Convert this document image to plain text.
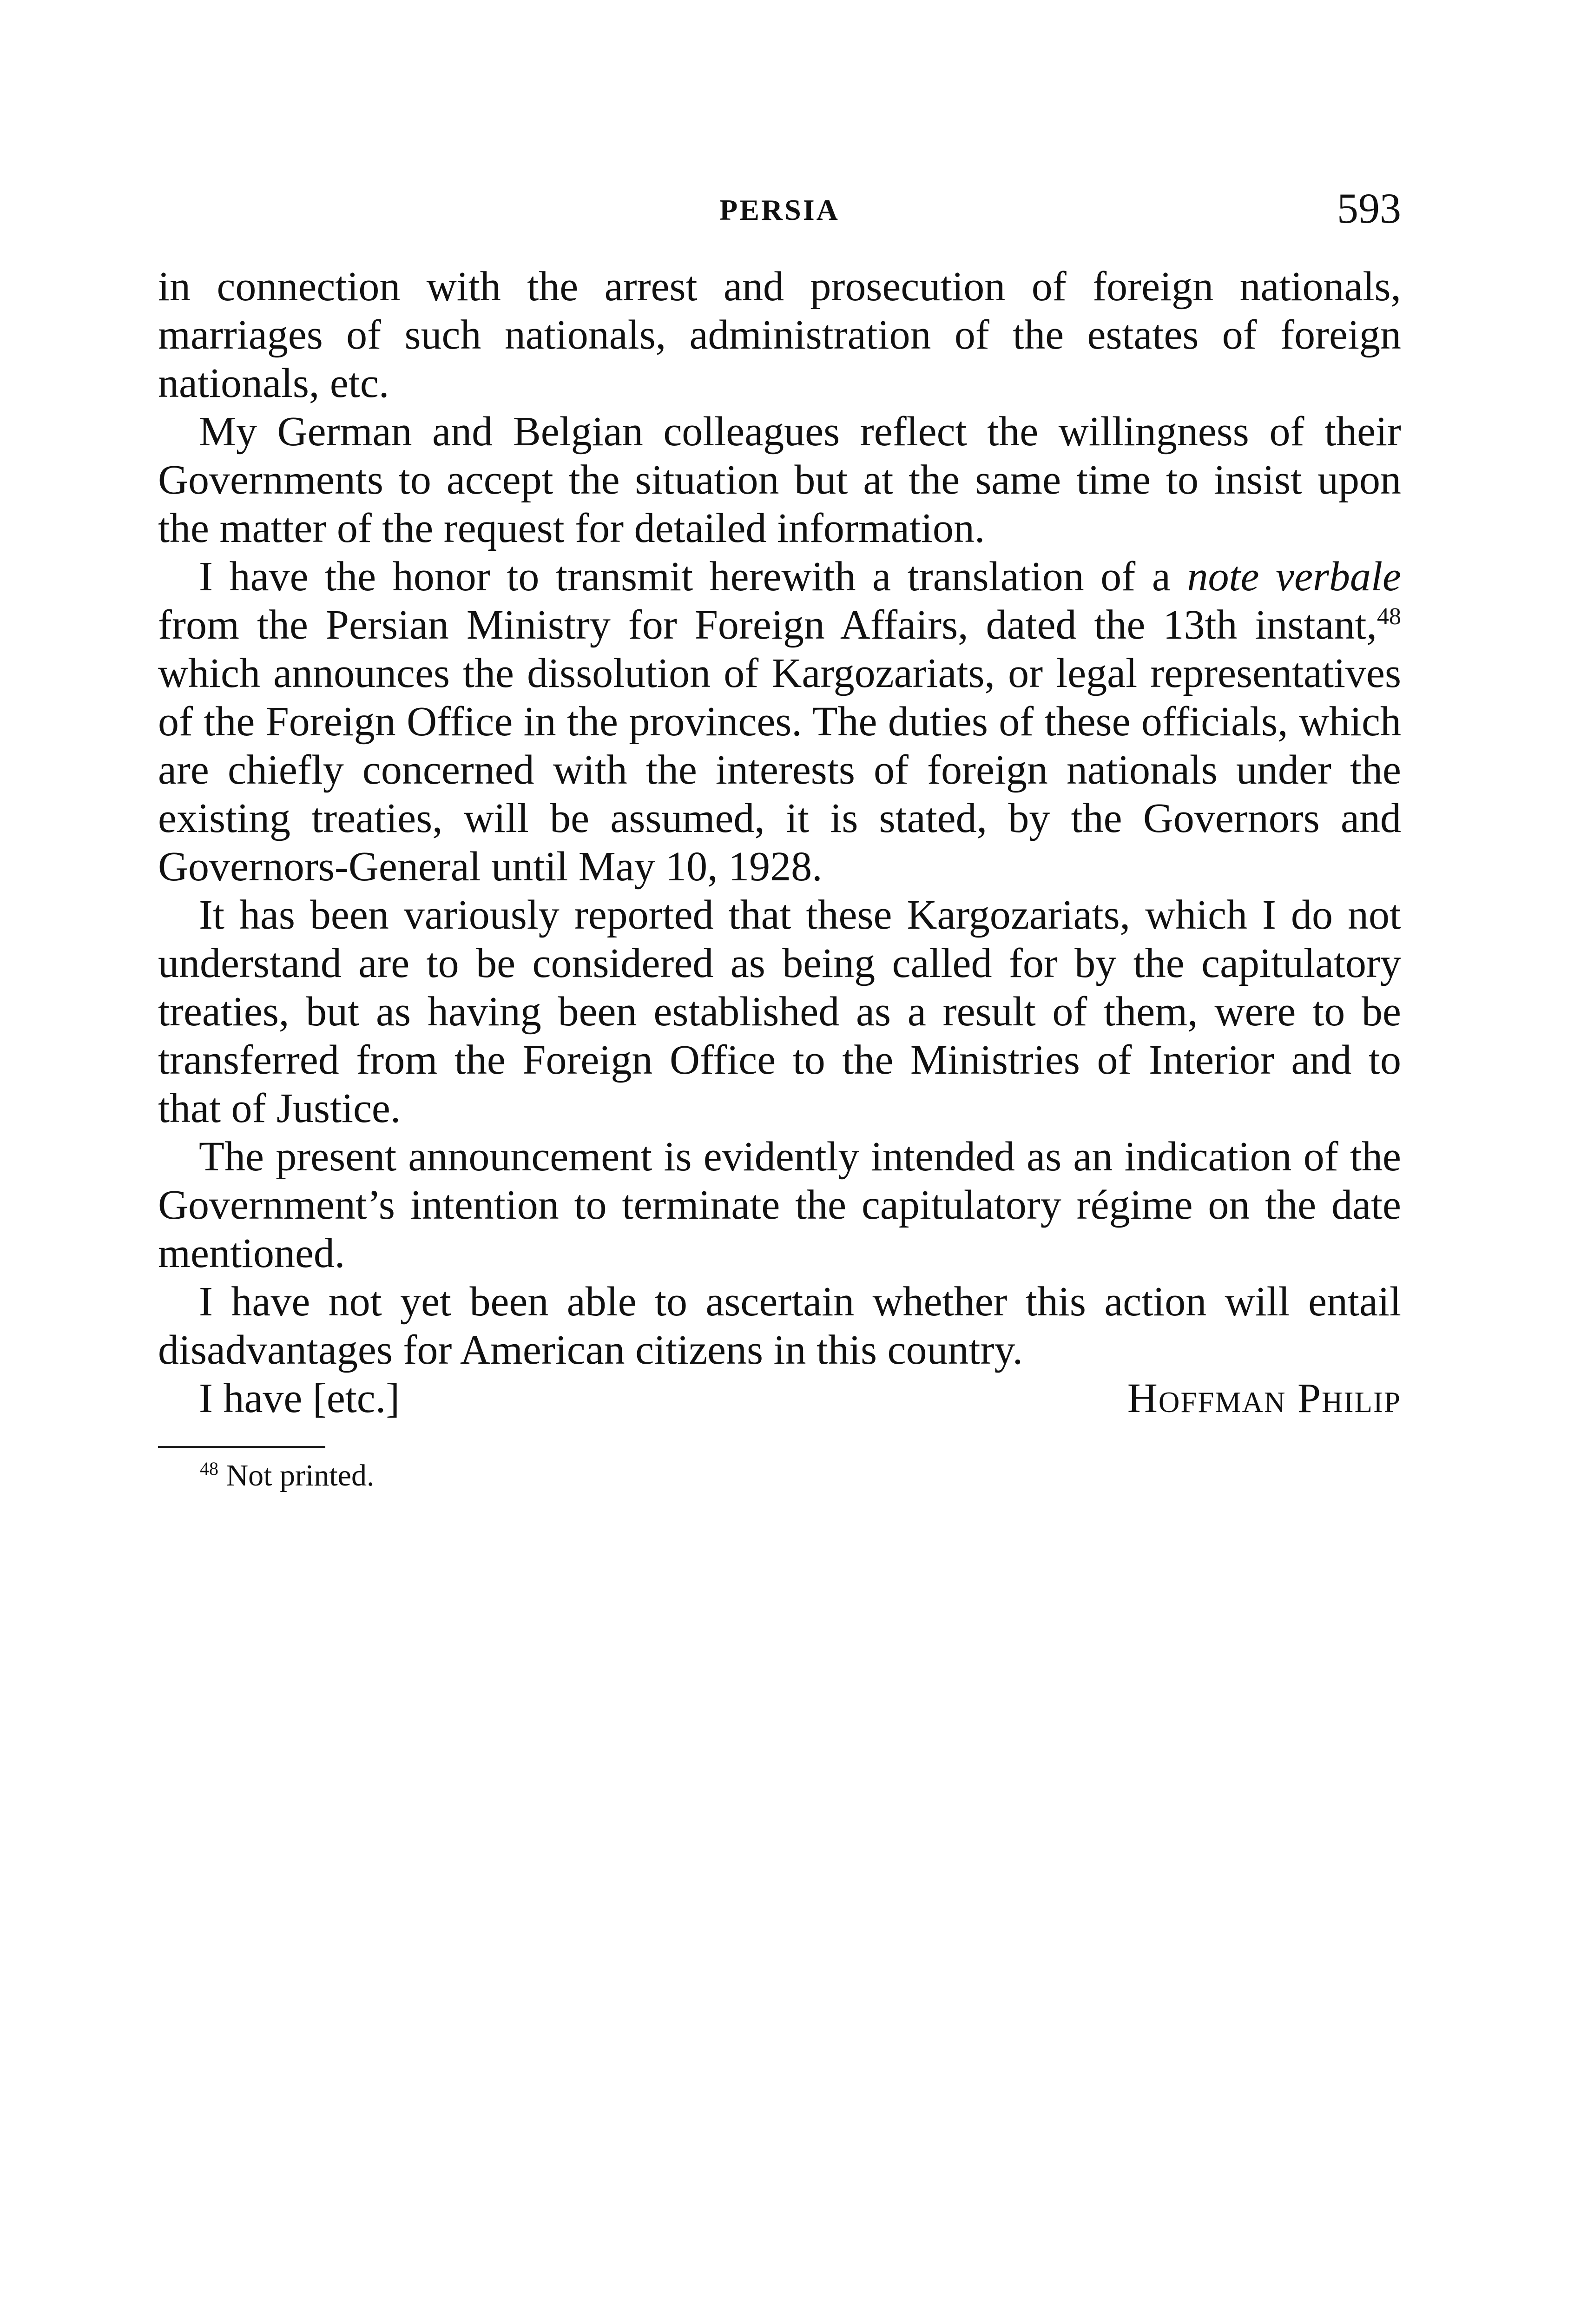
PERSIA	593

in connection with the arrest and prosecution of foreign nationals, marriages of such nationals, administration of the estates of foreign nationals, etc.

My German and Belgian colleagues reflect the willingness of their Governments to accept the situation but at the same time to insist upon the matter of the request for detailed information.

I have the honor to transmit herewith a translation of a note verbale from the Persian Ministry for Foreign Affairs, dated the 13th instant,$^{48}$ which announces the dissolution of Kargozariats, or legal representatives of the Foreign Office in the provinces. The duties of these officials, which are chiefly concerned with the interests of foreign nationals under the existing treaties, will be assumed, it is stated, by the Governors and Governors-General until May 10, 1928.

It has been variously reported that these Kargozariats, which I do not understand are to be considered as being called for by the capitulatory treaties, but as having been established as a result of them, were to be transferred from the Foreign Office to the Ministries of Interior and to that of Justice.

The present announcement is evidently intended as an indication of the Government’s intention to terminate the capitulatory régime on the date mentioned.

I have not yet been able to ascertain whether this action will entail disadvantages for American citizens in this country.

I have [etc.]	Hoffman Philip
$^{48}$ Not printed.
